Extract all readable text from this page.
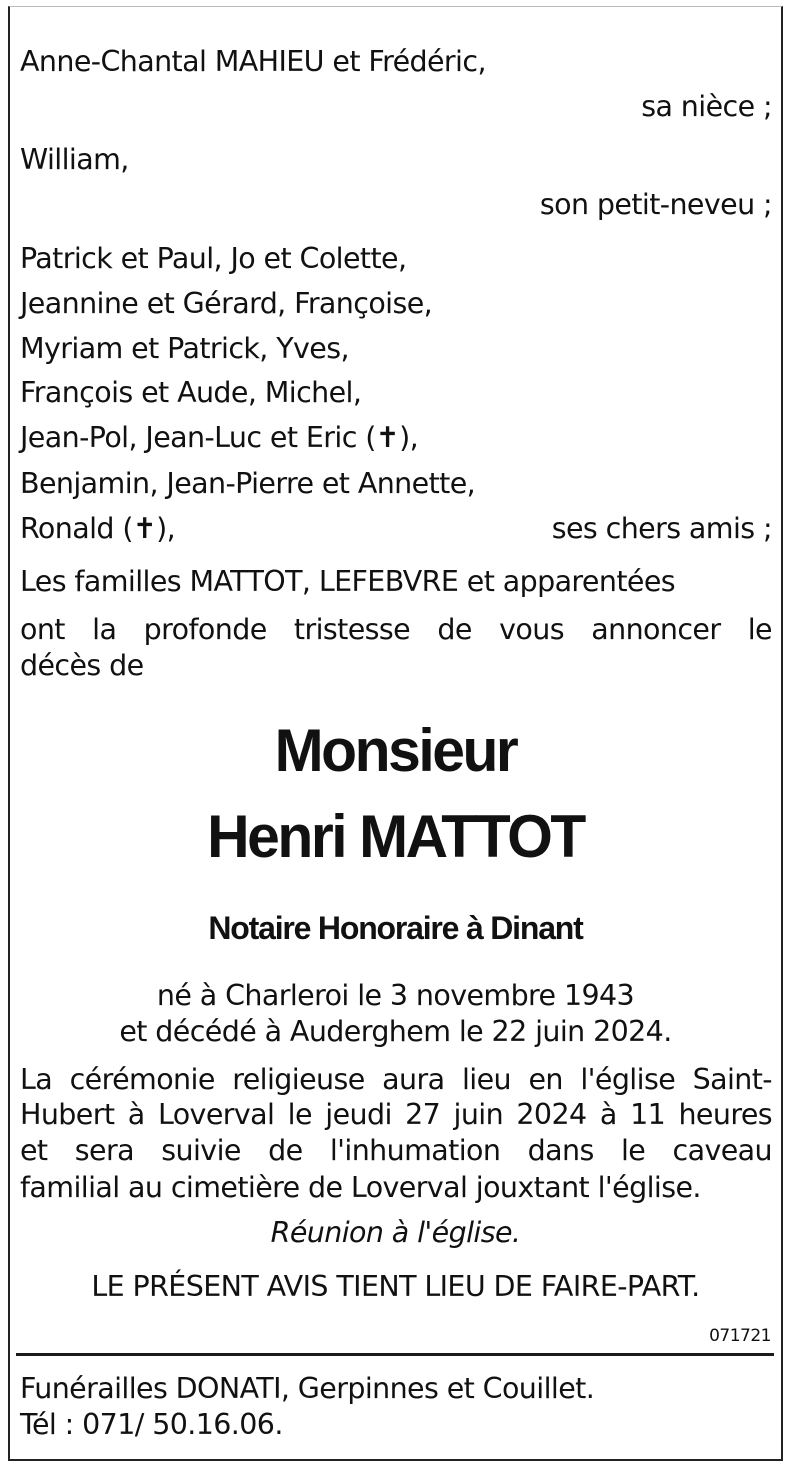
Anne-Chantal MAHIEU et Frédéric,
sa nièce ;
William,
son petit-neveu ;
Patrick et Paul, Jo et Colette,
Jeannine et Gérard, Françoise,
Myriam et Patrick, Yves,
François et Aude, Michel,
Jean-Pol, Jean-Luc et Eric (✝),
Benjamin, Jean-Pierre et Annette,
Ronald (✝),	ses chers amis ;
Les familles MATTOT, LEFEBVRE et apparentées
ont la profonde tristesse de vous annoncer le
décès de
Monsieur
Henri MATTOT
Notaire Honoraire à Dinant
né à Charleroi le 3 novembre 1943
et décédé à Auderghem le 22 juin 2024.
La cérémonie religieuse aura lieu en l'église Saint-
Hubert à Loverval le jeudi 27 juin 2024 à 11 heures
et sera suivie de l'inhumation dans le caveau
familial au cimetière de Loverval jouxtant l'église.
Réunion à l'église.
LE PRÉSENT AVIS TIENT LIEU DE FAIRE-PART.
071721
Funérailles DONATI, Gerpinnes et Couillet.
Tél : 071/ 50.16.06.
